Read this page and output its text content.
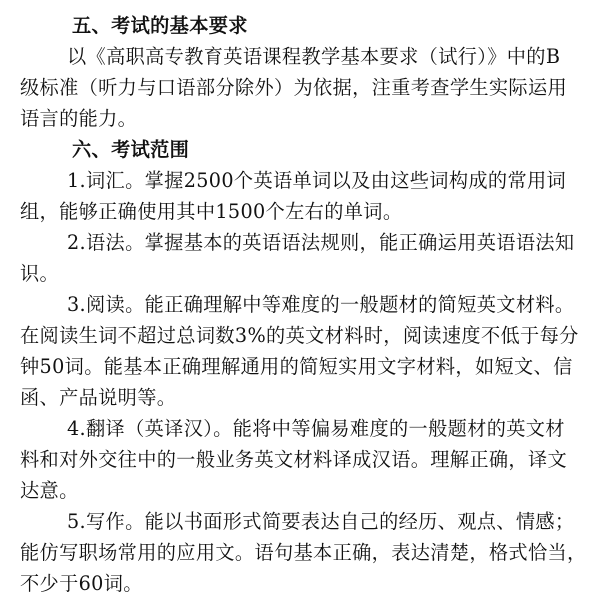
五、考试的基本要求
以《高职高专教育英语课程教学基本要求（试行）》中的B
级标准（听力与口语部分除外）为依据，注重考查学生实际运用
语言的能力。
六、考试范围
1.词汇。掌握2500个英语单词以及由这些词构成的常用词
组，能够正确使用其中1500个左右的单词。
2.语法。掌握基本的英语语法规则，能正确运用英语语法知
识。
3.阅读。能正确理解中等难度的一般题材的简短英文材料。
在阅读生词不超过总词数3%的英文材料时，阅读速度不低于每分
钟50词。能基本正确理解通用的简短实用文字材料，如短文、信
函、产品说明等。
4.翻译（英译汉）。能将中等偏易难度的一般题材的英文材
料和对外交往中的一般业务英文材料译成汉语。理解正确，译文
达意。
5.写作。能以书面形式简要表达自己的经历、观点、情感；
能仿写职场常用的应用文。语句基本正确，表达清楚，格式恰当，
不少于60词。
